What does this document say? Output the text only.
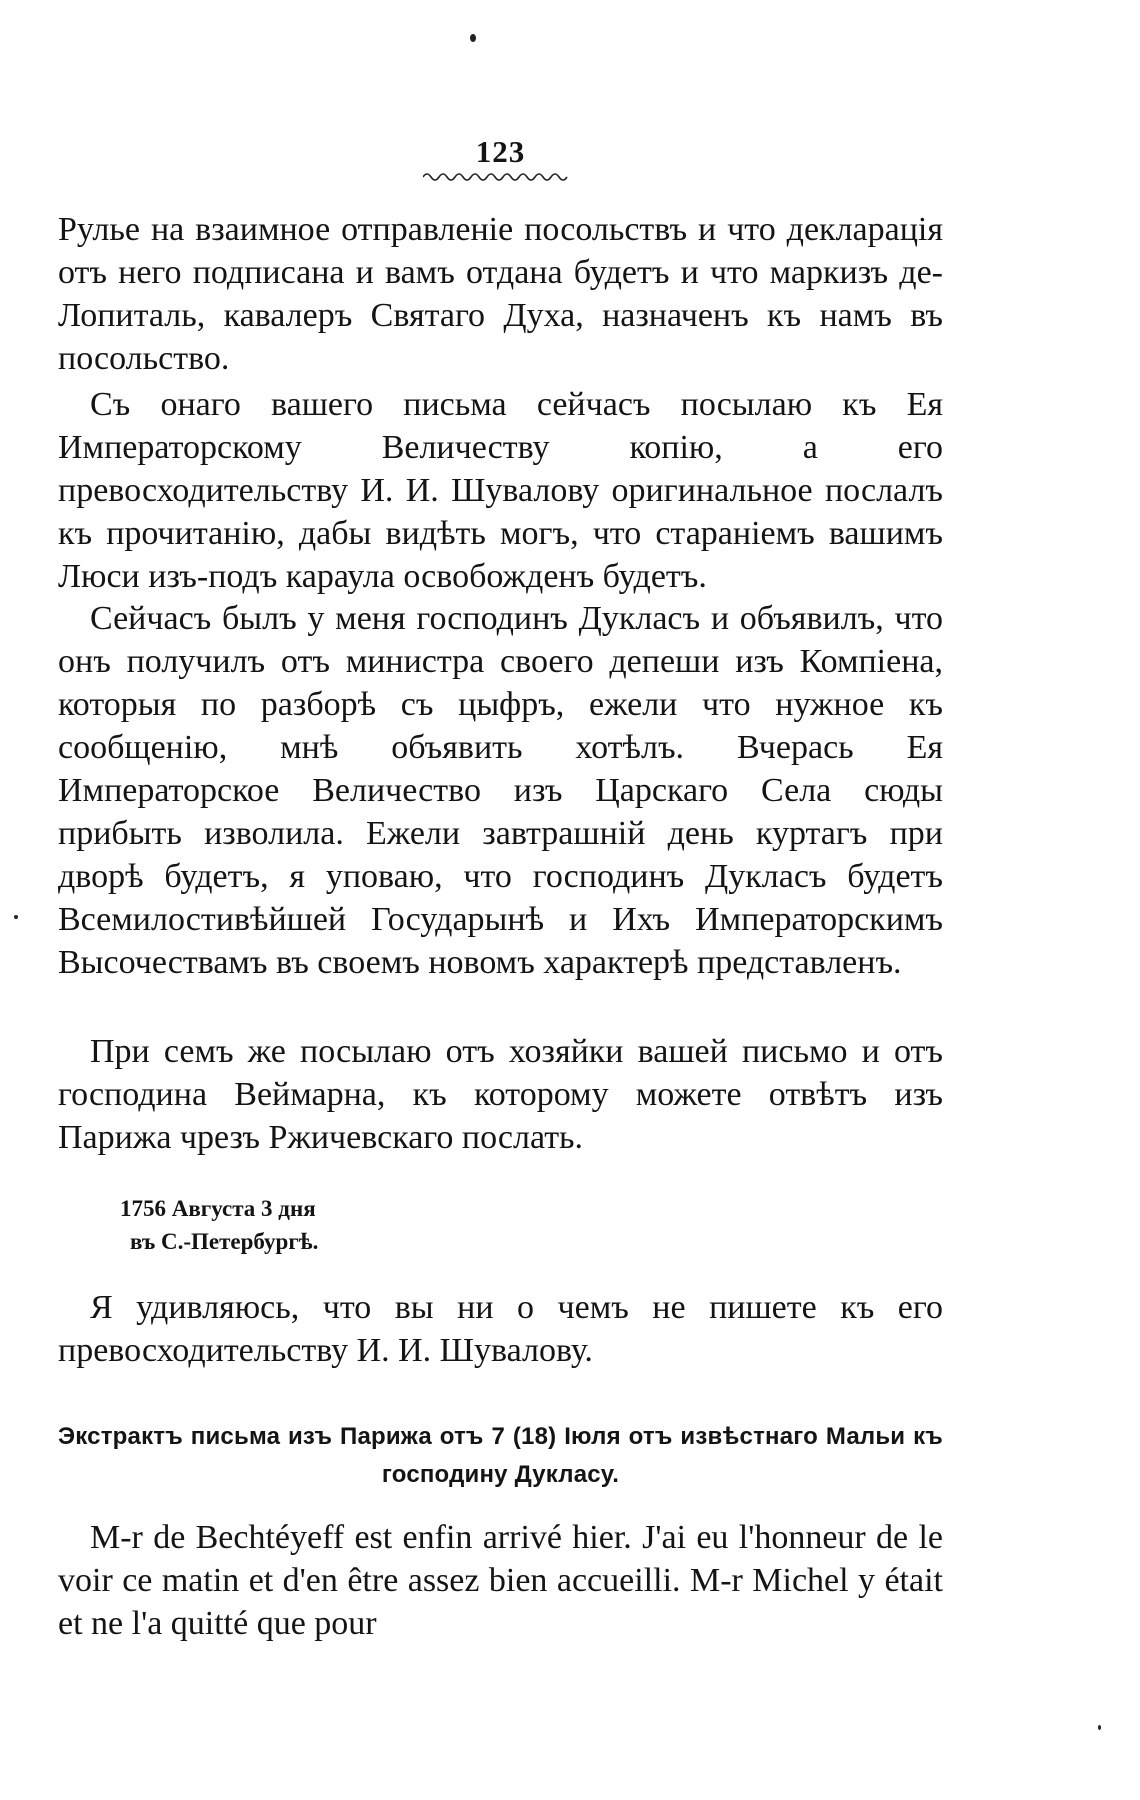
123

Рулье на взаимное отправленіе посольствъ и что декларація отъ него подписана и вамъ отдана будетъ и что маркизъ де-Лопиталь, кавалеръ Святаго Духа, назначенъ къ намъ въ посольство.

Съ онаго вашего письма сейчасъ посылаю къ Ея Императорскому Величеству копію, а его превосходительству И. И. Шувалову оригинальное послалъ къ прочитанію, дабы видѣть могъ, что стараніемъ вашимъ Люси изъ-подъ караула освобожденъ будетъ.

Сейчасъ былъ у меня господинъ Дукласъ и объявилъ, что онъ получилъ отъ министра своего депеши изъ Компіена, которыя по разборѣ съ цыфръ, ежели что нужное къ сообщенію, мнѣ объявить хотѣлъ. Вчерась Ея Императорское Величество изъ Царскаго Села сюды прибыть изволила. Ежели завтрашній день куртагъ при дворѣ будетъ, я уповаю, что господинъ Дукласъ будетъ Всемилостивѣйшей Государынѣ и Ихъ Императорскимъ Высочествамъ въ своемъ новомъ характерѣ представленъ.

При семъ же посылаю отъ хозяйки вашей письмо и отъ господина Веймарна, къ которому можете отвѣтъ изъ Парижа чрезъ Ржичевскаго послать.

1756 Августа 3 дня
въ С.-Петербургѣ.

Я удивляюсь, что вы ни о чемъ не пишете къ его превосходительству И. И. Шувалову.

Экстрактъ письма изъ Парижа отъ 7 (18) Іюля отъ извѣстнаго Мальи къ господину Дукласу.

M-r de Bechtéyeff est enfin arrivé hier. J'ai eu l'honneur de le voir ce matin et d'en être assez bien accueilli. M-r Michel y était et ne l'a quitté que pour
